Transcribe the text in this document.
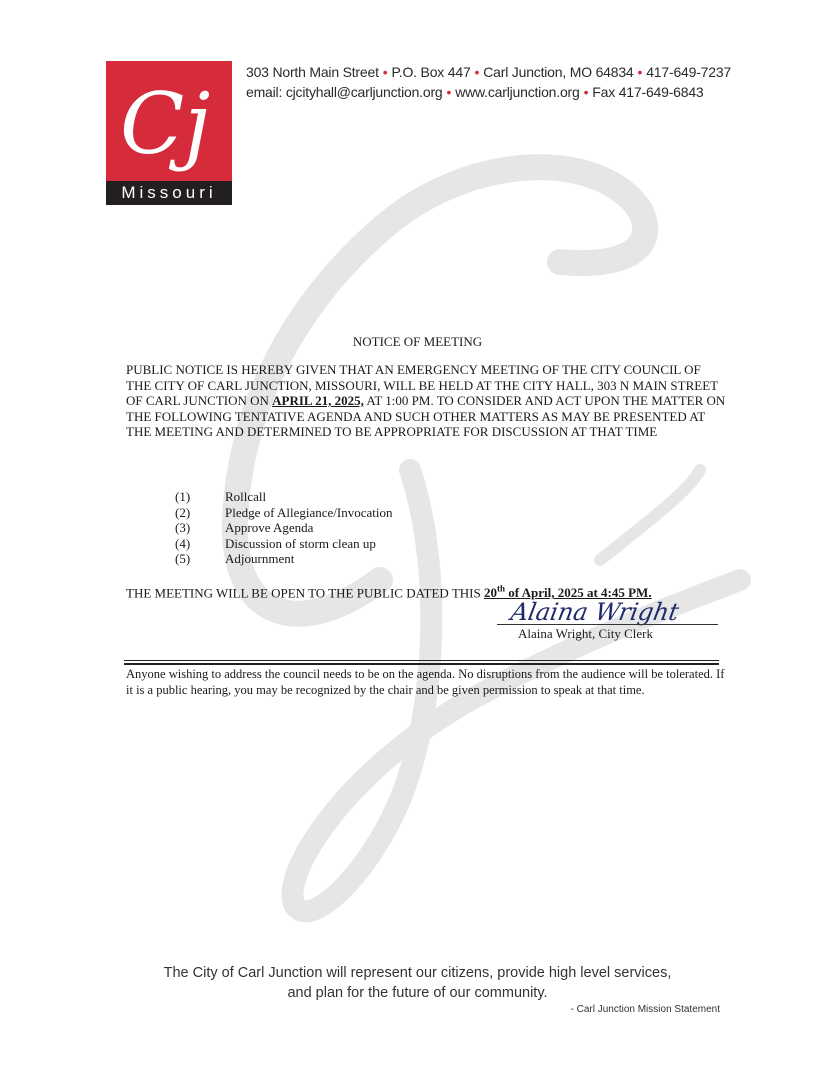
Cj
Missouri
303 North Main Street • P.O. Box 447 • Carl Junction, MO 64834 • 417-649-7237
email: cjcityhall@carljunction.org • www.carljunction.org • Fax 417-649-6843
NOTICE OF MEETING
PUBLIC NOTICE IS HEREBY GIVEN THAT AN EMERGENCY MEETING OF THE CITY COUNCIL OF THE CITY OF CARL JUNCTION, MISSOURI, WILL BE HELD AT THE CITY HALL, 303 N MAIN STREET OF CARL JUNCTION ON APRIL 21, 2025, AT 1:00 PM. TO CONSIDER AND ACT UPON THE MATTER ON THE FOLLOWING TENTATIVE AGENDA AND SUCH OTHER MATTERS AS MAY BE PRESENTED AT THE MEETING AND DETERMINED TO BE APPROPRIATE FOR DISCUSSION AT THAT TIME
(1)	Rollcall
(2)	Pledge of Allegiance/Invocation
(3)	Approve Agenda
(4)	Discussion of storm clean up
(5)	Adjournment
THE MEETING WILL BE OPEN TO THE PUBLIC DATED THIS 20th of April, 2025 at 4:45 PM.
Alaina Wright
Alaina Wright, City Clerk
Anyone wishing to address the council needs to be on the agenda. No disruptions from the audience will be tolerated. If it is a public hearing, you may be recognized by the chair and be given permission to speak at that time.
The City of Carl Junction will represent our citizens, provide high level services,
and plan for the future of our community.
- Carl Junction Mission Statement
